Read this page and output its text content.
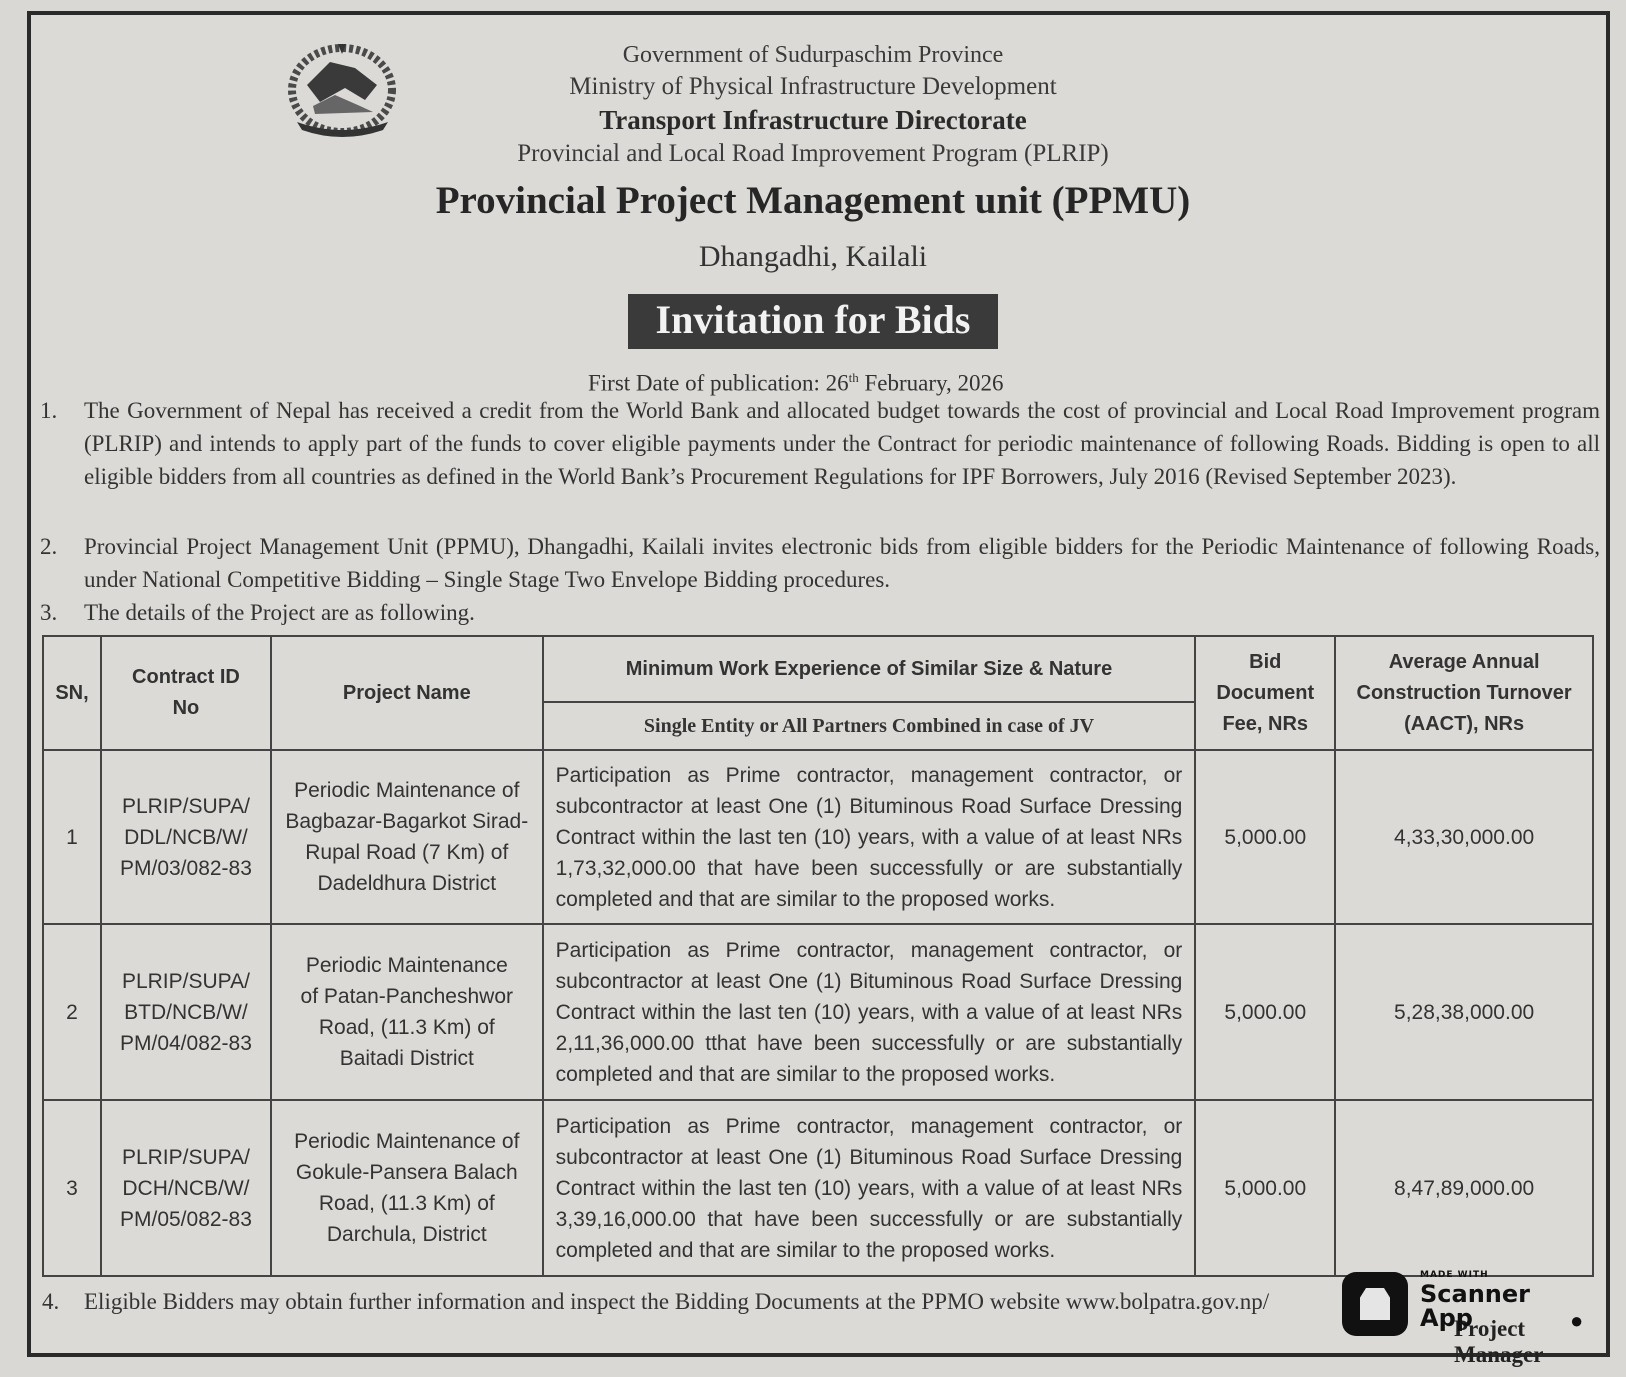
Government of Sudurpaschim Province
Ministry of Physical Infrastructure Development
Transport Infrastructure Directorate
Provincial and Local Road Improvement Program (PLRIP)
Provincial Project Management unit (PPMU)
Dhangadhi, Kailali
Invitation for Bids
First Date of publication: 26th February, 2026
1. The Government of Nepal has received a credit from the World Bank and allocated budget towards the cost of provincial and Local Road Improvement program (PLRIP) and intends to apply part of the funds to cover eligible payments under the Contract for periodic maintenance of following Roads. Bidding is open to all eligible bidders from all countries as defined in the World Bank’s Procurement Regulations for IPF Borrowers, July 2016 (Revised September 2023).
2. Provincial Project Management Unit (PPMU), Dhangadhi, Kailali invites electronic bids from eligible bidders for the Periodic Maintenance of following Roads, under National Competitive Bidding – Single Stage Two Envelope Bidding procedures.
3. The details of the Project are as following.
SN,	Contract ID No	Project Name	Minimum Work Experience of Similar Size & Nature	Bid Document Fee, NRs	Average Annual Construction Turnover (AACT), NRs
			Single Entity or All Partners Combined in case of JV		
1	PLRIP/SUPA/ DDL/NCB/W/ PM/03/082-83	Periodic Maintenance of Bagbazar-Bagarkot Sirad-Rupal Road (7 Km) of Dadeldhura District	Participation as Prime contractor, management contractor, or subcontractor at least One (1) Bituminous Road Surface Dressing Contract within the last ten (10) years, with a value of at least NRs 1,73,32,000.00 that have been successfully or are substantially completed and that are similar to the proposed works.	5,000.00	4,33,30,000.00
2	PLRIP/SUPA/ BTD/NCB/W/ PM/04/082-83	Periodic Maintenance of Patan-Pancheshwor Road, (11.3 Km) of Baitadi District	Participation as Prime contractor, management contractor, or subcontractor at least One (1) Bituminous Road Surface Dressing Contract within the last ten (10) years, with a value of at least NRs 2,11,36,000.00 tthat have been successfully or are substantially completed and that are similar to the proposed works.	5,000.00	5,28,38,000.00
3	PLRIP/SUPA/ DCH/NCB/W/ PM/05/082-83	Periodic Maintenance of Gokule-Pansera Balach Road, (11.3 Km) of Darchula, District	Participation as Prime contractor, management contractor, or subcontractor at least One (1) Bituminous Road Surface Dressing Contract within the last ten (10) years, with a value of at least NRs 3,39,16,000.00 that have been successfully or are substantially completed and that are similar to the proposed works.	5,000.00	8,47,89,000.00
4. Eligible Bidders may obtain further information and inspect the Bidding Documents at the PPMO website www.bolpatra.gov.np/
MADE WITH
Project Manager
Scanner App	●
